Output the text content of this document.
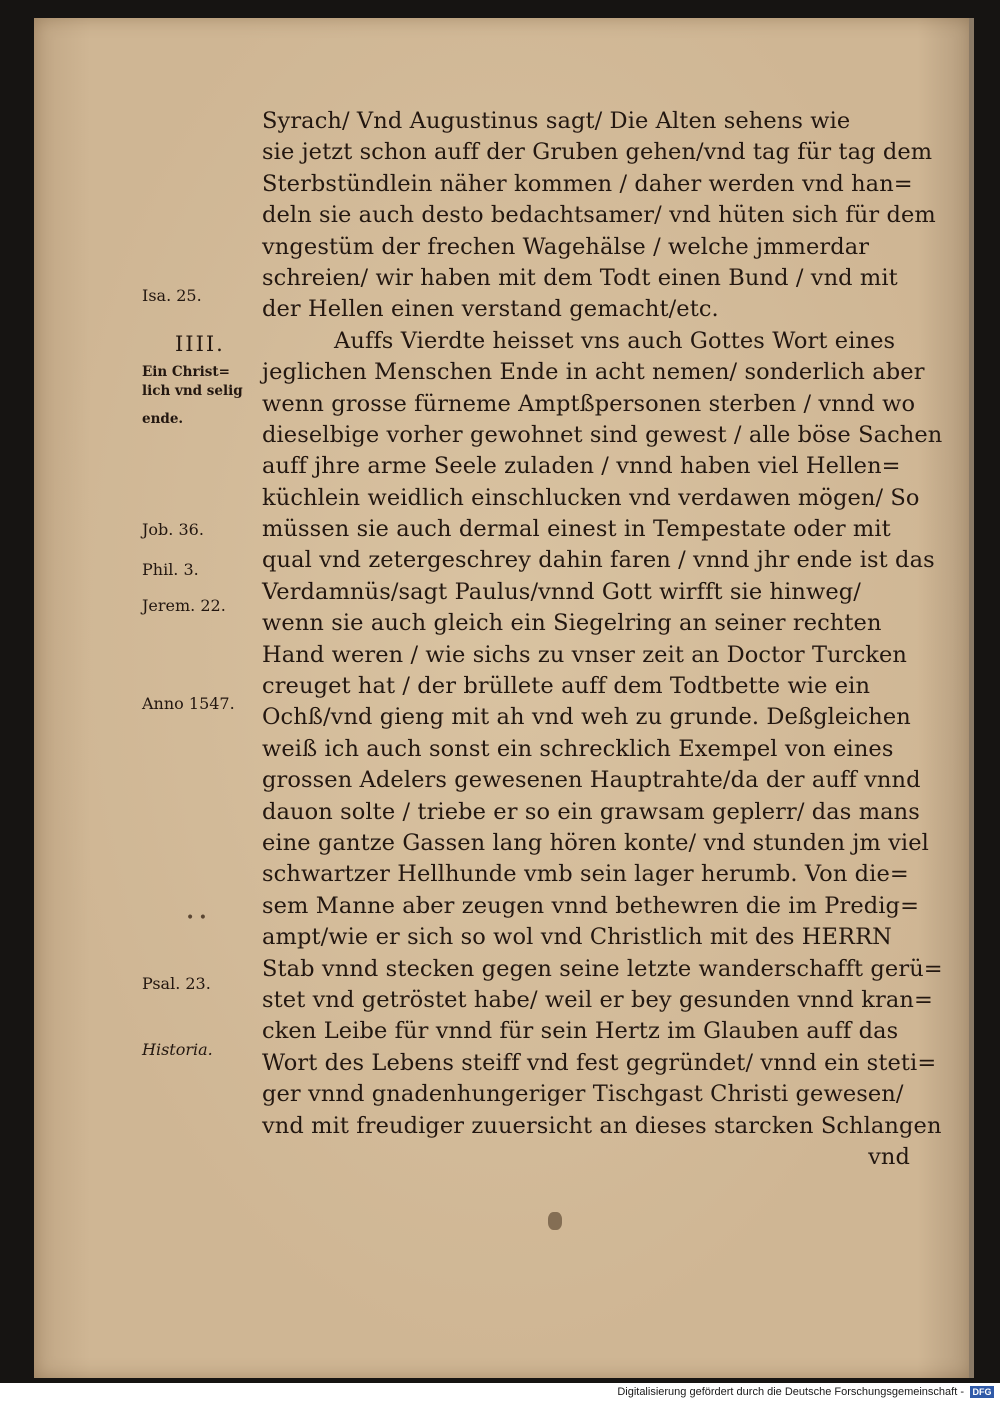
Syrach/ Vnd Augustinus sagt/ Die Alten sehens wie
sie jetzt schon auff der Gruben gehen/vnd tag für tag dem
Sterbstündlein näher kommen / daher werden vnd han=
deln sie auch desto bedachtsamer/ vnd hüten sich für dem
vngestüm der frechen Wagehälse / welche jmmerdar
schreien/ wir haben mit dem Todt einen Bund / vnd mit
der Hellen einen verstand gemacht/etc.
Auffs Vierdte heisset vns auch Gottes Wort eines
jeglichen Menschen Ende in acht nemen/ sonderlich aber
wenn grosse fürneme Amptßpersonen sterben / vnnd wo
dieselbige vorher gewohnet sind gewest / alle böse Sachen
auff jhre arme Seele zuladen / vnnd haben viel Hellen=
küchlein weidlich einschlucken vnd verdawen mögen/ So
müssen sie auch dermal einest in Tempestate oder mit
qual vnd zetergeschrey dahin faren / vnnd jhr ende ist das
Verdamnüs/sagt Paulus/vnnd Gott wirfft sie hinweg/
wenn sie auch gleich ein Siegelring an seiner rechten
Hand weren / wie sichs zu vnser zeit an Doctor Turcken
creuget hat / der brüllete auff dem Todtbette wie ein
Ochß/vnd gieng mit ah vnd weh zu grunde. Deßgleichen
weiß ich auch sonst ein schrecklich Exempel von eines
grossen Adelers gewesenen Hauptrahte/da der auff vnnd
dauon solte / triebe er so ein grawsam geplerr/ das mans
eine gantze Gassen lang hören konte/ vnd stunden jm viel
schwartzer Hellhunde vmb sein lager herumb. Von die=
sem Manne aber zeugen vnnd bethewren die im Predig=
ampt/wie er sich so wol vnd Christlich mit des HERRN
Stab vnnd stecken gegen seine letzte wanderschafft gerü=
stet vnd getröstet habe/ weil er bey gesunden vnnd kran=
cken Leibe für vnnd für sein Hertz im Glauben auff das
Wort des Lebens steiff vnd fest gegründet/ vnnd ein steti=
ger vnnd gnadenhungeriger Tischgast Christi gewesen/
vnd mit freudiger zuuersicht an dieses starcken Schlangen
vnd
Isa. 25.
IIII.
Ein Christ=
lich vnd selig
ende.
Job. 36.
Phil. 3.
Jerem. 22.
Anno 1547.
• •
Psal. 23.
Historia.
Digitalisierung gefördert durch die Deutsche Forschungsgemeinschaft - DFG
